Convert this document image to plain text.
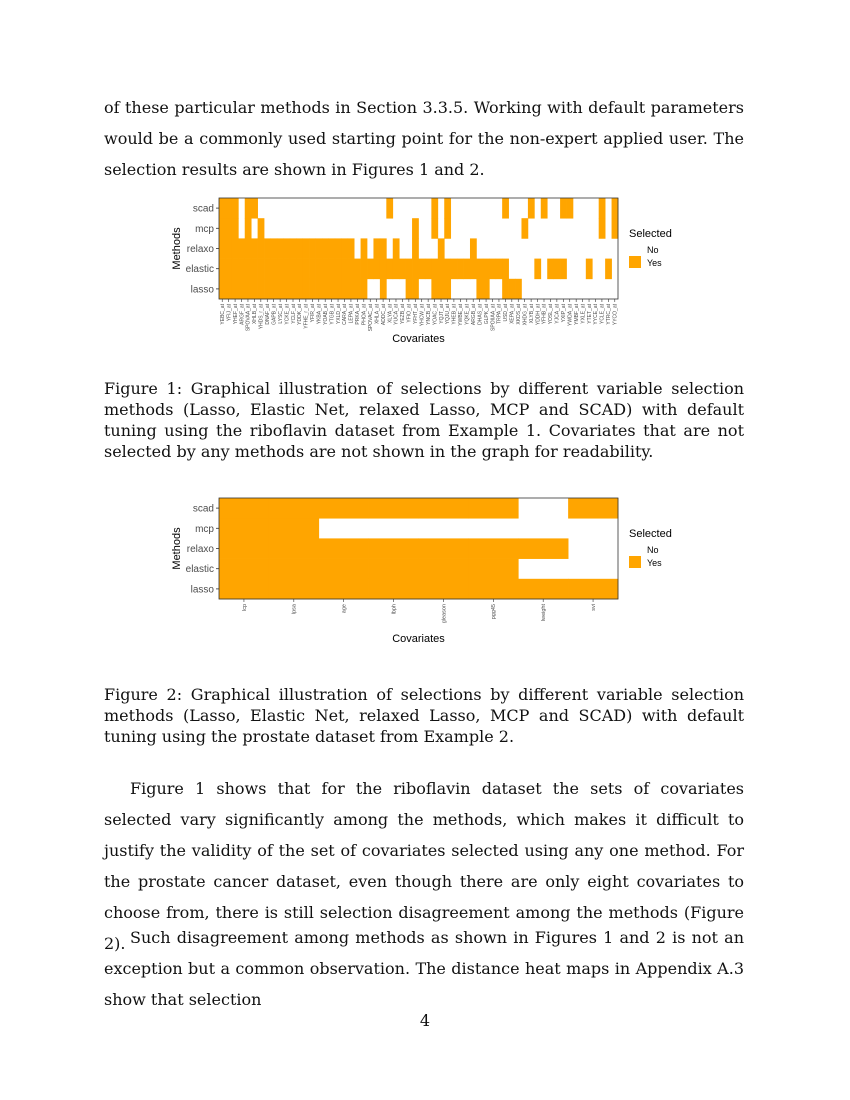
of these particular methods in Section 3.3.5. Working with default parameters would be a commonly used starting point for the non-expert applied user. The selection results are shown in Figures 1 and 2.

scad
mcp
relaxo
elastic
lasso
YEBC_at YFIJ_at YHEF_at ARGF_at SPOVAA_at XHLB_at YHDS_r_at DNAF_at GAPB_at LYSC_at YCKE_at YCLF_at YDDK_at YFHE_r_at YFIR_at YKBA_at YOAB_at YTGB_at YXLD_at CARA_at LEPA_at PRKA_at PHOA_at SPOVAC_at XHLA_at ADDC_at XLYA_at YUCA_at YEZB_at YFIO_at YFHT_at YHCW_at YNCB_at YOAC_at YQJT_at YQJU_at YHEB_at YWBE_at YQKE_at ARGB_at DHAS_at GLPK_at SPOIIAA_at TRPA_at USD_at XEPA_at XKDS_at XHDG_at XLYB_at YDDH_at YFHB_at YOSL_at YJCA_at YXIP_at YWDA_at YMBF_at YXLE_at YTET_at YYCE_at YCLE_at YTRC_at YYCO_at
Covariates
Methods	Selected
No
Yes

Figure 1: Graphical illustration of selections by different variable selection methods (Lasso, Elastic Net, relaxed Lasso, MCP and SCAD) with default tuning using the riboflavin dataset from Example 1. Covariates that are not selected by any methods are not shown in the graph for readability.

scad
mcp
relaxo
elastic
lasso
lcp	lpsa	age	lbph	gleason	pgg45	lweight	svi
Covariates
Methods	Selected
No
Yes

Figure 2: Graphical illustration of selections by different variable selection methods (Lasso, Elastic Net, relaxed Lasso, MCP and SCAD) with default tuning using the prostate dataset from Example 2.

Figure 1 shows that for the riboflavin dataset the sets of covariates selected vary significantly among the methods, which makes it difficult to justify the validity of the set of covariates selected using any one method. For the prostate cancer dataset, even though there are only eight covariates to choose from, there is still selection disagreement among the methods (Figure 2). Such disagreement among methods as shown in Figures 1 and 2 is not an exception but a common observation. The distance heat maps in Appendix A.3 show that selection

4
